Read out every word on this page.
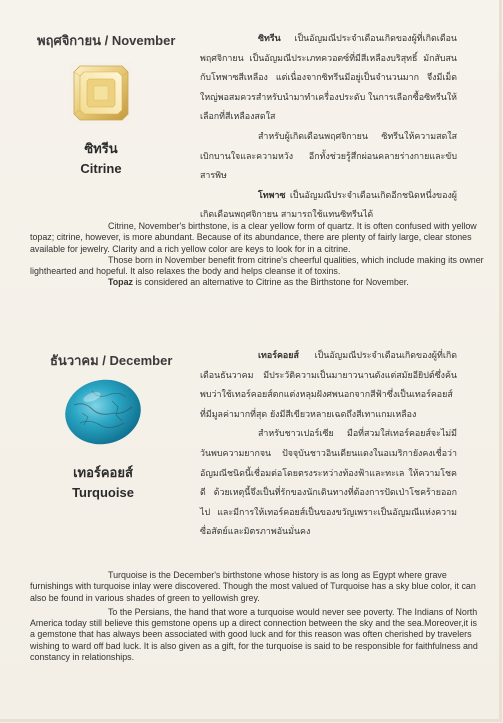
พฤศจิกายน / November
ซิทรีน
Citrine

ซิทรีน เป็นอัญมณีประจำเดือนเกิดของผู้ที่เกิดเดือนพฤศจิกายน เป็นอัญมณีประเภทควอตซ์ที่มีสีเหลืองบริสุทธิ์ มักสับสนกับโทพาซสีเหลือง แต่เนื่องจากซิทรีนมีอยู่เป็นจำนวนมาก จึงมีเม็ดใหญ่พอสมควรสำหรับนำมาทำเครื่องประดับ ในการเลือกซื้อซิทรีนให้เลือกที่สีเหลืองสดใส

สำหรับผู้เกิดเดือนพฤศจิกายน ซิทรีนให้ความสดใส เบิกบานใจและความหวัง อีกทั้งช่วยรู้สึกผ่อนคลายร่างกายและขับสารพิษ

โทพาซ เป็นอัญมณีประจำเดือนเกิดอีกชนิดหนึ่งของผู้เกิดเดือนพฤศจิกายน สามารถใช้แทนซิทรีนได้

Citrine, November's birthstone, is a clear yellow form of quartz. It is often confused with yellow topaz; citrine, however, is more abundant. Because of its abundance, there are plenty of fairly large, clear stones available for jewelry. Clarity and a rich yellow color are keys to look for in a citrine.

Those born in November benefit from citrine's cheerful qualities, which include making its owner lighthearted and hopeful. It also relaxes the body and helps cleanse it of toxins.

Topaz is considered an alternative to Citrine as the Birthstone for November.

ธันวาคม / December
เทอร์คอยส์
Turquoise

เทอร์คอยส์ เป็นอัญมณีประจำเดือนเกิดของผู้ที่เกิดเดือนธันวาคม มีประวัติความเป็นมายาวนานดังแต่สมัยอียิปต์ซึ่งค้นพบว่าใช้เทอร์คอยส์ตกแต่งหลุมฝังศพนอกจากสีฟ้าซึ่งเป็นเทอร์คอยส์ที่มีมูลค่ามากที่สุด ยังมีสีเขียวหลายเฉดถึงสีเทาแกมเหลือง

สำหรับชาวเปอร์เซีย มือที่สวมใส่เทอร์คอยส์จะไม่มีวันพบความยากจน ปัจจุบันชาวอินเดียนแดงในอเมริกายังคงเชื่อว่าอัญมณีชนิดนี้เชื่อมต่อโดยตรงระหว่างท้องฟ้าและทะเล ให้ความโชคดี ด้วยเหตุนี้จึงเป็นที่รักของนักเดินทางที่ต้องการปัดเป่าโชคร้ายออกไป และมีการให้เทอร์คอยส์เป็นของขวัญเพราะเป็นอัญมณีแห่งความซื่อสัตย์และมิตรภาพอันมั่นคง

Turquoise is the December's birthstone whose history is as long as Egypt where grave furnishings with turquoise inlay were discovered. Though the most valued of Turquoise has a sky blue color, it can also be found in various shades of green to yellowish grey.

To the Persians, the hand that wore a turquoise would never see poverty. The Indians of North America today still believe this gemstone opens up a direct connection between the sky and the sea.Moreover,it is a gemstone that has always been associated with good luck and for this reason was often cherished by travelers wishing to ward off bad luck. It is also given as a gift, for the turquoise is said to be responsible for faithfulness and constancy in relationships.
